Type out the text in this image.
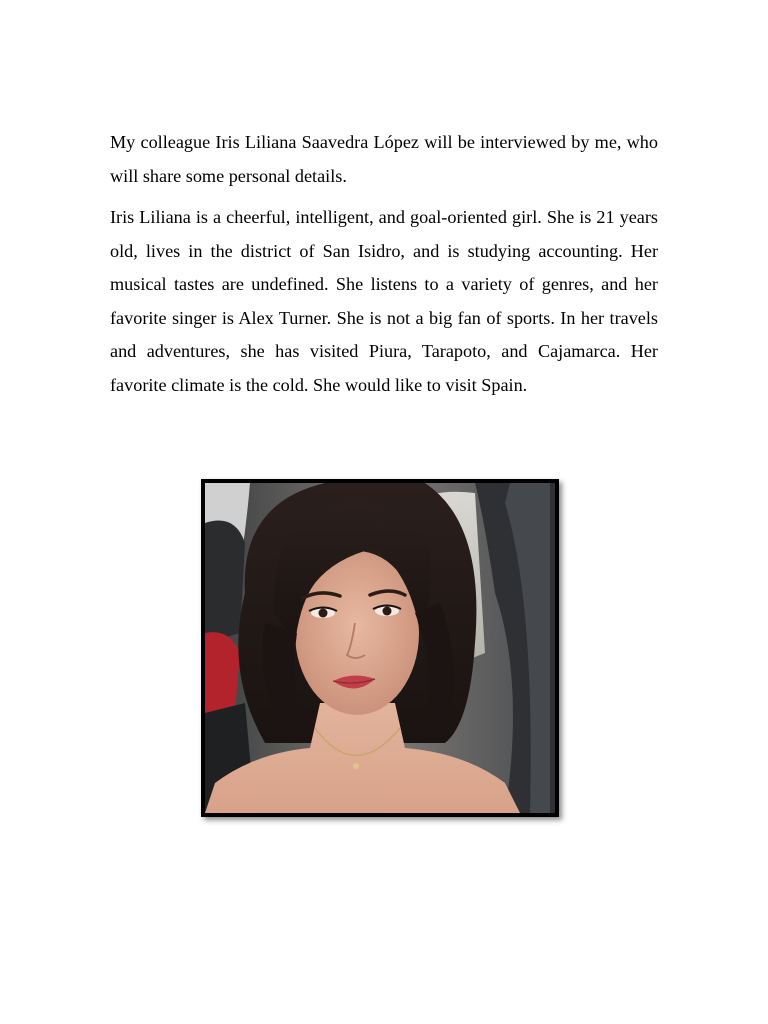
My colleague Iris Liliana Saavedra López will be interviewed by me, who will share some personal details.

Iris Liliana is a cheerful, intelligent, and goal-oriented girl. She is 21 years old, lives in the district of San Isidro, and is studying accounting. Her musical tastes are undefined. She listens to a variety of genres, and her favorite singer is Alex Turner. She is not a big fan of sports. In her travels and adventures, she has visited Piura, Tarapoto, and Cajamarca. Her favorite climate is the cold. She would like to visit Spain.
